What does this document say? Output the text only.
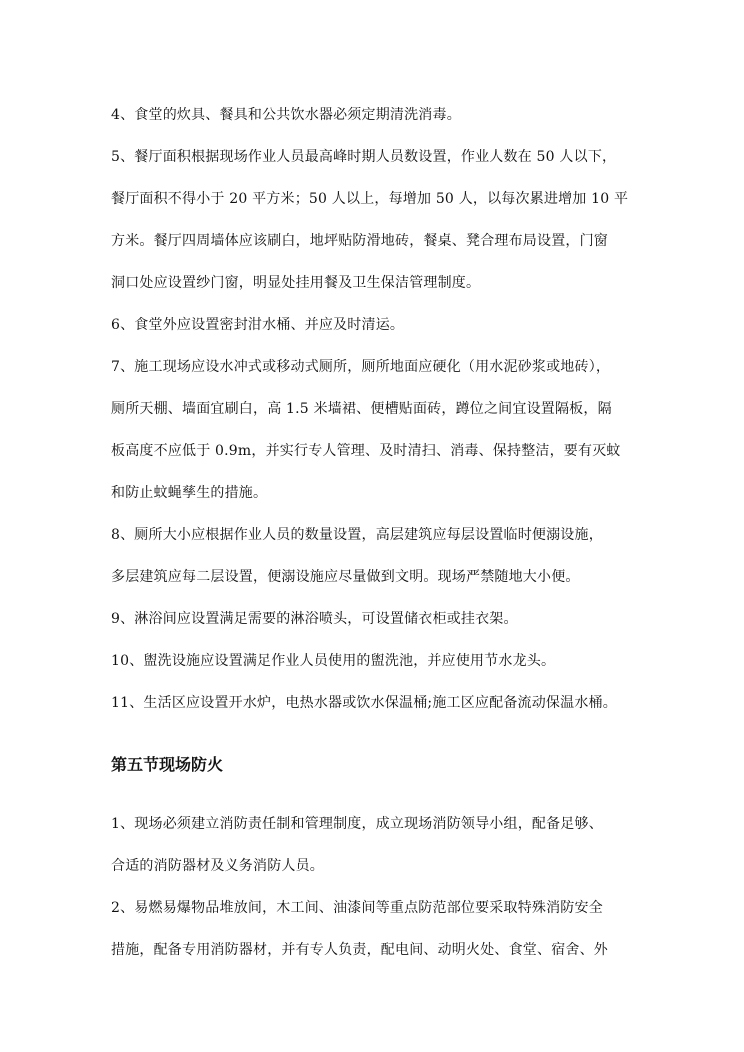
4、食堂的炊具、餐具和公共饮水器必须定期清洗消毒。
5、餐厅面积根据现场作业人员最高峰时期人员数设置，作业人数在 50 人以下，
餐厅面积不得小于 20 平方米；50 人以上，每增加 50 人，以每次累进增加 10 平
方米。餐厅四周墙体应该刷白，地坪贴防滑地砖，餐桌、凳合理布局设置，门窗
洞口处应设置纱门窗，明显处挂用餐及卫生保洁管理制度。
6、食堂外应设置密封泔水桶、并应及时清运。
7、施工现场应设水冲式或移动式厕所，厕所地面应硬化（用水泥砂浆或地砖），
厕所天棚、墙面宜刷白，高 1.5 米墙裙、便槽贴面砖，蹲位之间宜设置隔板，隔
板高度不应低于 0.9m，并实行专人管理、及时清扫、消毒、保持整洁，要有灭蚊
和防止蚊蝇孳生的措施。
8、厕所大小应根据作业人员的数量设置，高层建筑应每层设置临时便溺设施，
多层建筑应每二层设置，便溺设施应尽量做到文明。现场严禁随地大小便。
9、淋浴间应设置满足需要的淋浴喷头，可设置储衣柜或挂衣架。
10、盥洗设施应设置满足作业人员使用的盥洗池，并应使用节水龙头。
11、生活区应设置开水炉，电热水器或饮水保温桶;施工区应配备流动保温水桶。
第五节现场防火
1、现场必须建立消防责任制和管理制度，成立现场消防领导小组，配备足够、
合适的消防器材及义务消防人员。
2、易燃易爆物品堆放间，木工间、油漆间等重点防范部位要采取特殊消防安全
措施，配备专用消防器材，并有专人负责，配电间、动明火处、食堂、宿舍、外
